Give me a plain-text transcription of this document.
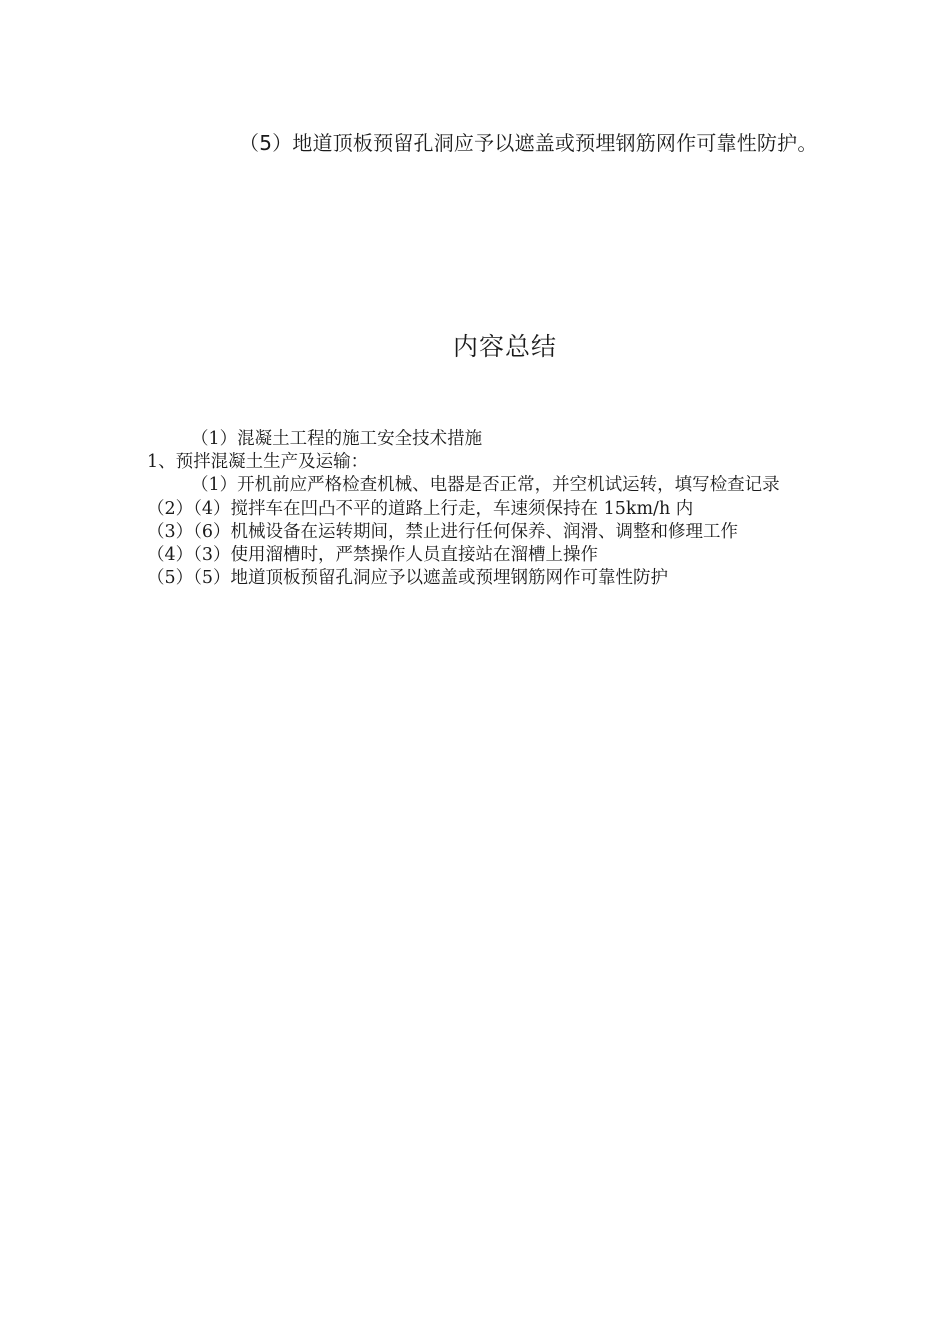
（5）地道顶板预留孔洞应予以遮盖或预埋钢筋网作可靠性防护。

内容总结
（1）混凝土工程的施工安全技术措施
1、预拌混凝土生产及运输：
（1）开机前应严格检查机械、电器是否正常，并空机试运转，填写检查记录
（2）（4）搅拌车在凹凸不平的道路上行走，车速须保持在 15km/h 内
（3）（6）机械设备在运转期间，禁止进行任何保养、润滑、调整和修理工作
（4）（3）使用溜槽时，严禁操作人员直接站在溜槽上操作
（5）（5）地道顶板预留孔洞应予以遮盖或预埋钢筋网作可靠性防护
